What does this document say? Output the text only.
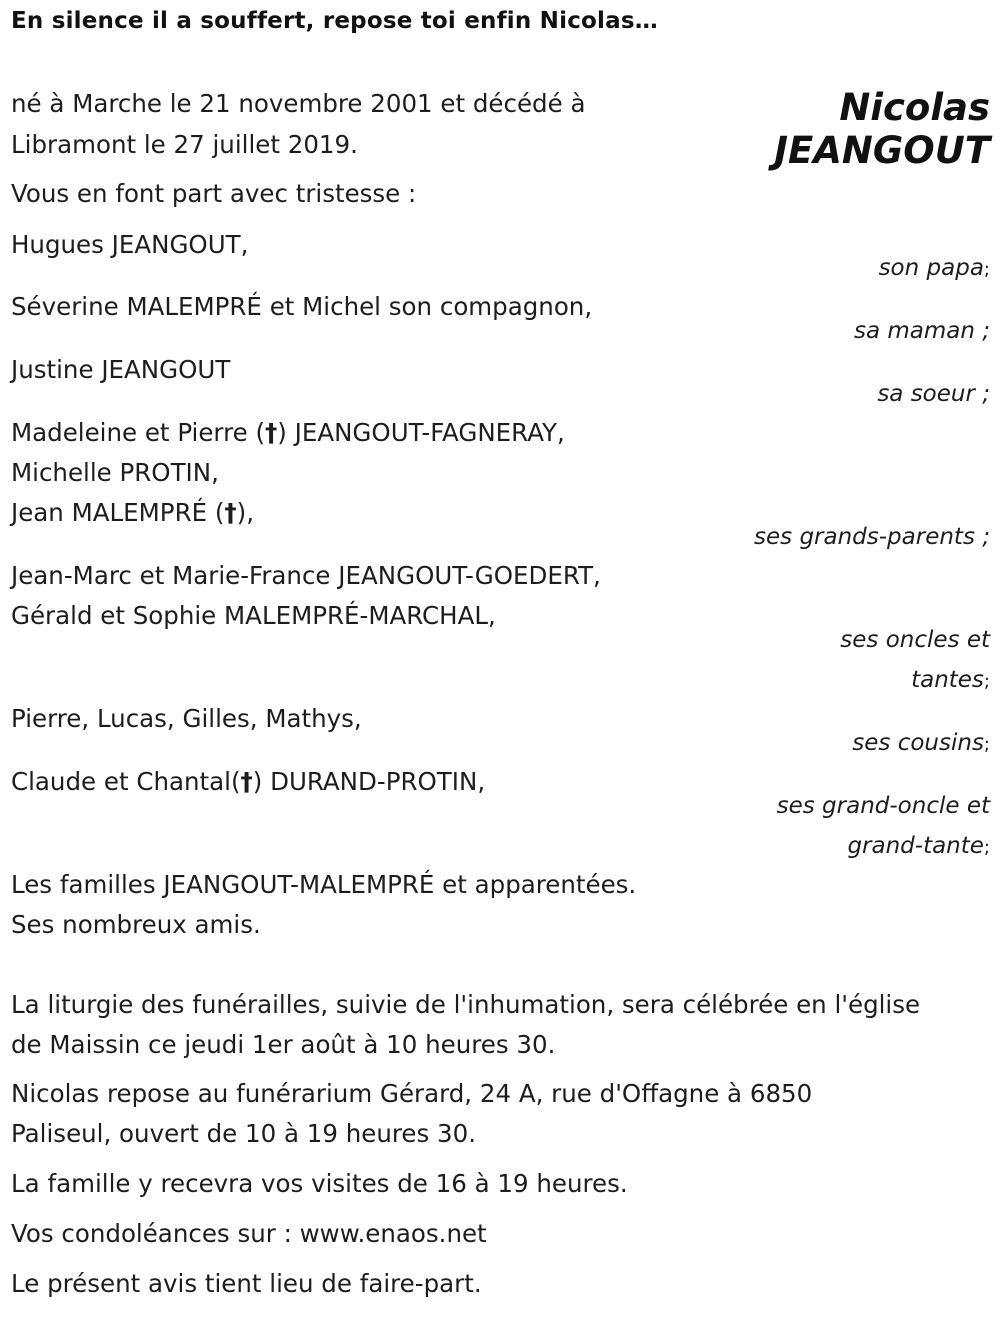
En silence il a souffert, repose toi enfin Nicolas…
Nicolas
JEANGOUT
né à Marche le 21 novembre 2001 et décédé à
Libramont le 27 juillet 2019.
Vous en font part avec tristesse :
Hugues JEANGOUT,
son papa;
Séverine MALEMPRÉ et Michel son compagnon,
sa maman ;
Justine JEANGOUT
sa soeur ;
Madeleine et Pierre (†) JEANGOUT-FAGNERAY,
Michelle PROTIN,
Jean MALEMPRÉ (†),
ses grands-parents ;
Jean-Marc et Marie-France JEANGOUT-GOEDERT,
Gérald et Sophie MALEMPRÉ-MARCHAL,
ses oncles et
tantes;
Pierre, Lucas, Gilles, Mathys,
ses cousins;
Claude et Chantal(†) DURAND-PROTIN,
ses grand-oncle et
grand-tante;
Les familles JEANGOUT-MALEMPRÉ et apparentées.
Ses nombreux amis.
La liturgie des funérailles, suivie de l'inhumation, sera célébrée en l'église
de Maissin ce jeudi 1er août à 10 heures 30.
Nicolas repose au funérarium Gérard, 24 A, rue d'Offagne à 6850
Paliseul, ouvert de 10 à 19 heures 30.
La famille y recevra vos visites de 16 à 19 heures.
Vos condoléances sur : www.enaos.net
Le présent avis tient lieu de faire-part.
